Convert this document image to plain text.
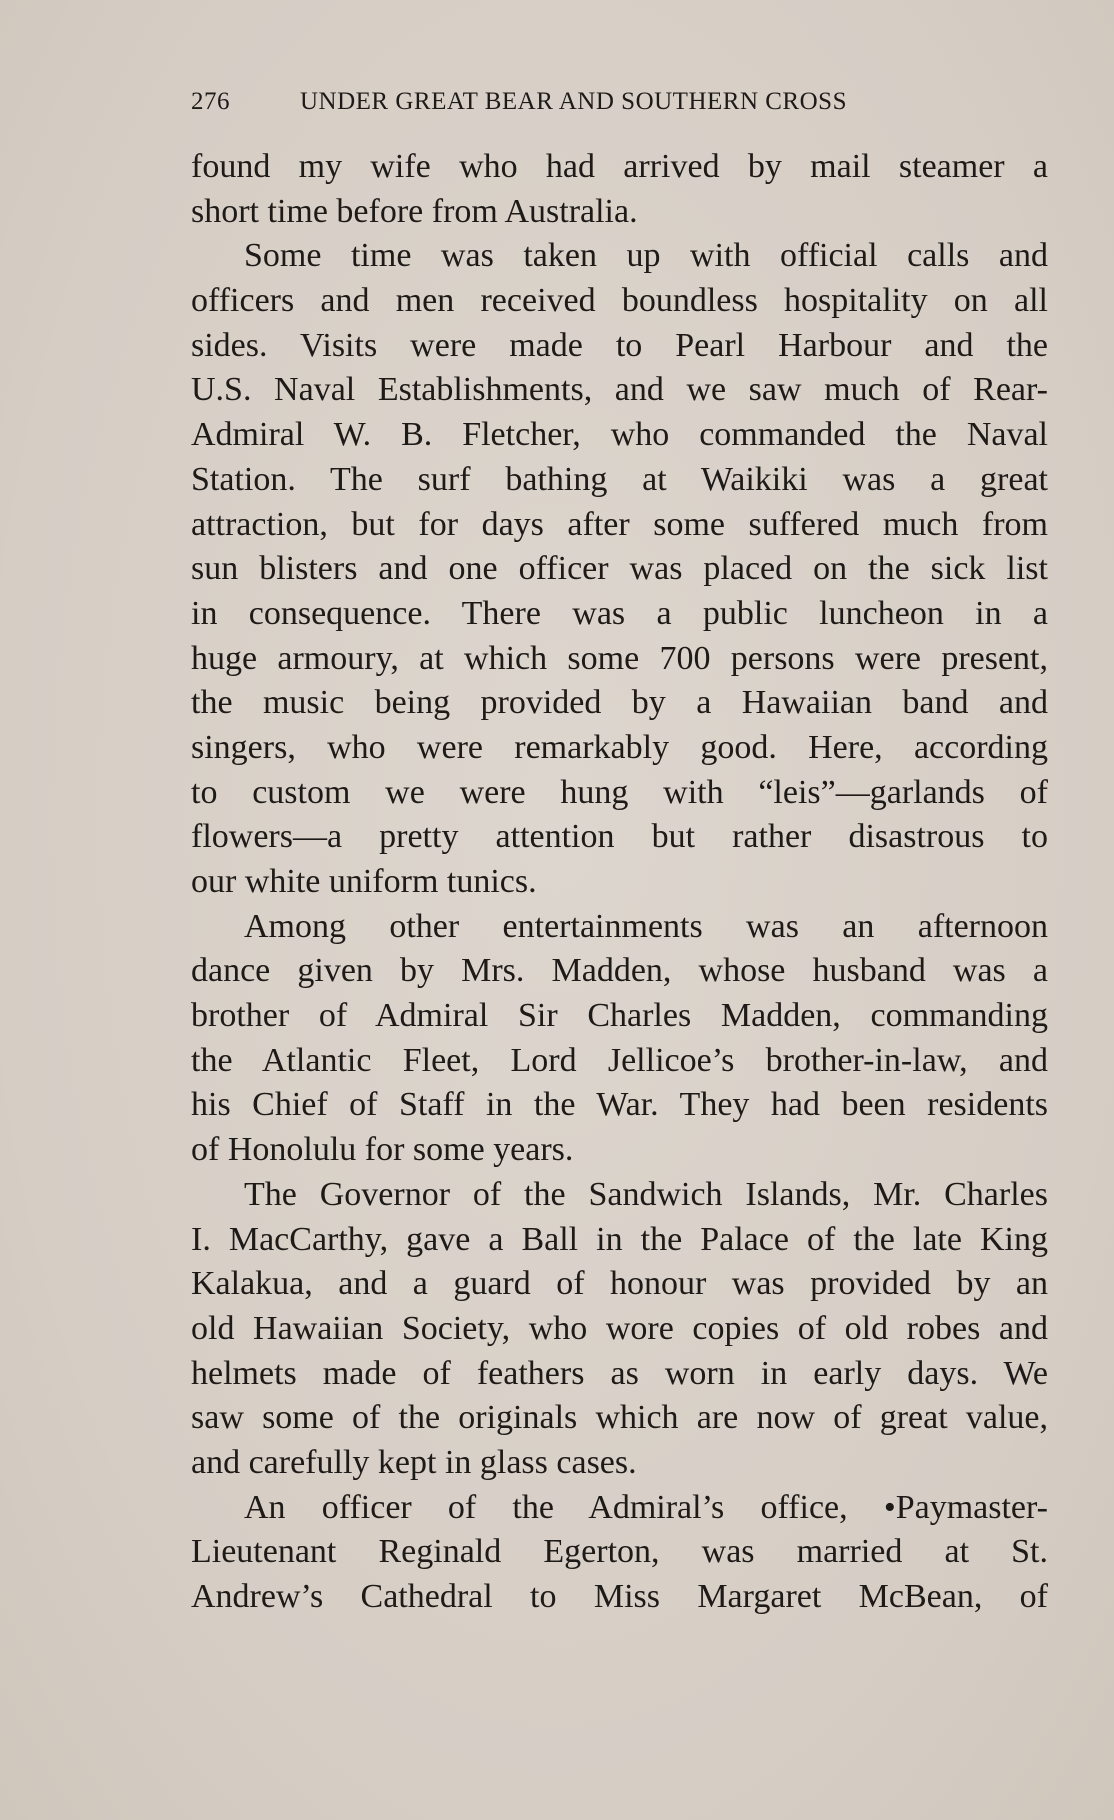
276	UNDER GREAT BEAR AND SOUTHERN CROSS
found my wife who had arrived by mail steamer a
short time before from Australia.
Some time was taken up with official calls and
officers and men received boundless hospitality on all
sides. Visits were made to Pearl Harbour and the
U.S. Naval Establishments, and we saw much of Rear-
Admiral W. B. Fletcher, who commanded the Naval
Station. The surf bathing at Waikiki was a great
attraction, but for days after some suffered much from
sun blisters and one officer was placed on the sick list
in consequence. There was a public luncheon in a
huge armoury, at which some 700 persons were present,
the music being provided by a Hawaiian band and
singers, who were remarkably good. Here, according
to custom we were hung with “leis”—garlands of
flowers—a pretty attention but rather disastrous to
our white uniform tunics.
Among other entertainments was an afternoon
dance given by Mrs. Madden, whose husband was a
brother of Admiral Sir Charles Madden, commanding
the Atlantic Fleet, Lord Jellicoe’s brother-in-law, and
his Chief of Staff in the War. They had been residents
of Honolulu for some years.
The Governor of the Sandwich Islands, Mr. Charles
I. MacCarthy, gave a Ball in the Palace of the late King
Kalakua, and a guard of honour was provided by an
old Hawaiian Society, who wore copies of old robes and
helmets made of feathers as worn in early days. We
saw some of the originals which are now of great value,
and carefully kept in glass cases.
An officer of the Admiral’s office, •Paymaster-
Lieutenant Reginald Egerton, was married at St.
Andrew’s Cathedral to Miss Margaret McBean, of
